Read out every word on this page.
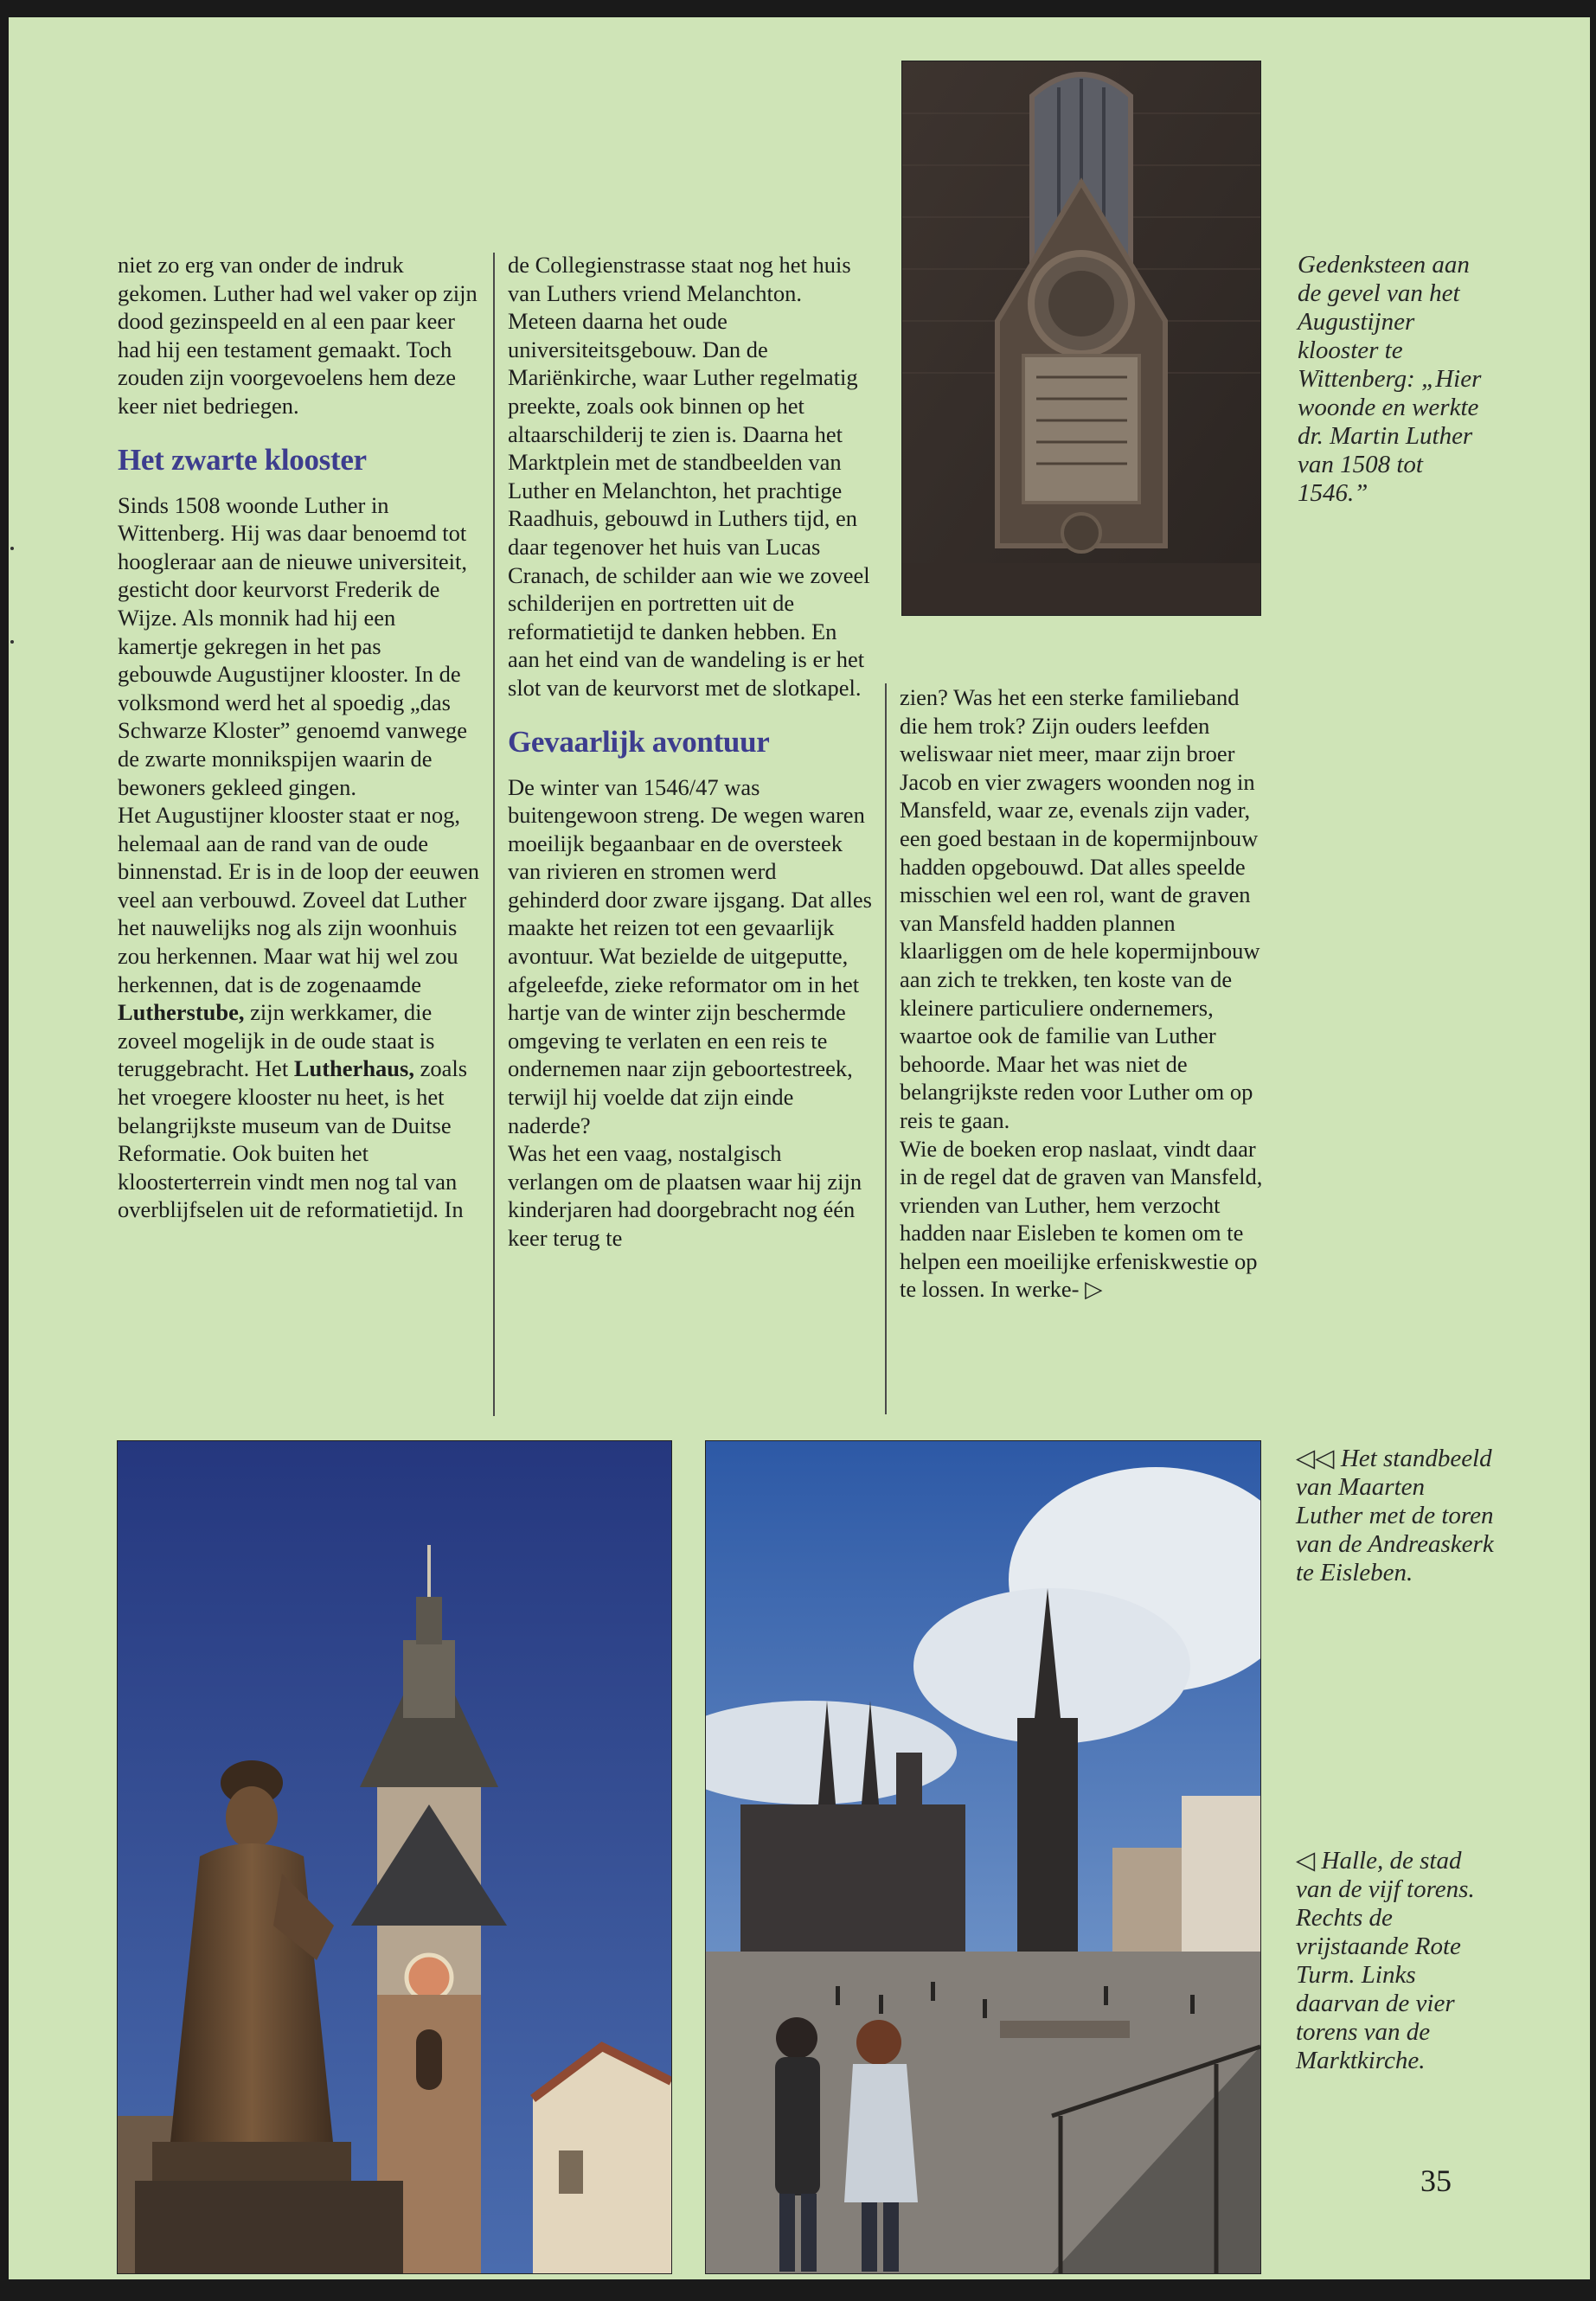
niet zo erg van onder de indruk gekomen. Luther had wel vaker op zijn dood gezinspeeld en al een paar keer had hij een testament gemaakt. Toch zouden zijn voorgevoelens hem deze keer niet bedriegen.

Het zwarte klooster

Sinds 1508 woonde Luther in Wittenberg. Hij was daar benoemd tot hoogleraar aan de nieuwe universiteit, gesticht door keurvorst Frederik de Wijze. Als monnik had hij een kamertje gekregen in het pas gebouwde Augustijner klooster. In de volksmond werd het al spoedig „das Schwarze Kloster” genoemd vanwege de zwarte monnikspijen waarin de bewoners gekleed gingen.

Het Augustijner klooster staat er nog, helemaal aan de rand van de oude binnenstad. Er is in de loop der eeuwen veel aan verbouwd. Zoveel dat Luther het nauwelijks nog als zijn woonhuis zou herkennen. Maar wat hij wel zou herkennen, dat is de zogenaamde Lutherstube, zijn werkkamer, die zoveel mogelijk in de oude staat is teruggebracht. Het Lutherhaus, zoals het vroegere klooster nu heet, is het belangrijkste museum van de Duitse Reformatie. Ook buiten het kloosterterrein vindt men nog tal van overblijfselen uit de reformatietijd. In

de Collegienstrasse staat nog het huis van Luthers vriend Melanchton. Meteen daarna het oude universiteitsgebouw. Dan de Mariënkirche, waar Luther regelmatig preekte, zoals ook binnen op het altaarschilderij te zien is. Daarna het Marktplein met de standbeelden van Luther en Melanchton, het prachtige Raadhuis, gebouwd in Luthers tijd, en daar tegenover het huis van Lucas Cranach, de schilder aan wie we zoveel schilderijen en portretten uit de reformatietijd te danken hebben. En aan het eind van de wandeling is er het slot van de keurvorst met de slotkapel.

Gevaarlijk avontuur

De winter van 1546/47 was buitengewoon streng. De wegen waren moeilijk begaanbaar en de oversteek van rivieren en stromen werd gehinderd door zware ijsgang. Dat alles maakte het reizen tot een gevaarlijk avontuur. Wat bezielde de uitgeputte, afgeleefde, zieke reformator om in het hartje van de winter zijn beschermde omgeving te verlaten en een reis te ondernemen naar zijn geboortestreek, terwijl hij voelde dat zijn einde naderde?

Was het een vaag, nostalgisch verlangen om de plaatsen waar hij zijn kinderjaren had doorgebracht nog één keer terug te

zien? Was het een sterke familieband die hem trok? Zijn ouders leefden weliswaar niet meer, maar zijn broer Jacob en vier zwagers woonden nog in Mansfeld, waar ze, evenals zijn vader, een goed bestaan in de kopermijnbouw hadden opgebouwd. Dat alles speelde misschien wel een rol, want de graven van Mansfeld hadden plannen klaarliggen om de hele kopermijnbouw aan zich te trekken, ten koste van de kleinere particuliere ondernemers, waartoe ook de familie van Luther behoorde. Maar het was niet de belangrijkste reden voor Luther om op reis te gaan.

Wie de boeken erop naslaat, vindt daar in de regel dat de graven van Mansfeld, vrienden van Luther, hem verzocht hadden naar Eisleben te komen om te helpen een moeilijke erfeniskwestie op te lossen. In werke- ▷

Gedenksteen aan de gevel van het Augustijner klooster te Wittenberg: „Hier woonde en werkte dr. Martin Luther van 1508 tot 1546.”
◁◁ Het standbeeld van Maarten Luther met de toren van de Andreaskerk te Eisleben.
◁ Halle, de stad van de vijf torens. Rechts de vrijstaande Rote Turm. Links daarvan de vier torens van de Marktkirche.
35
